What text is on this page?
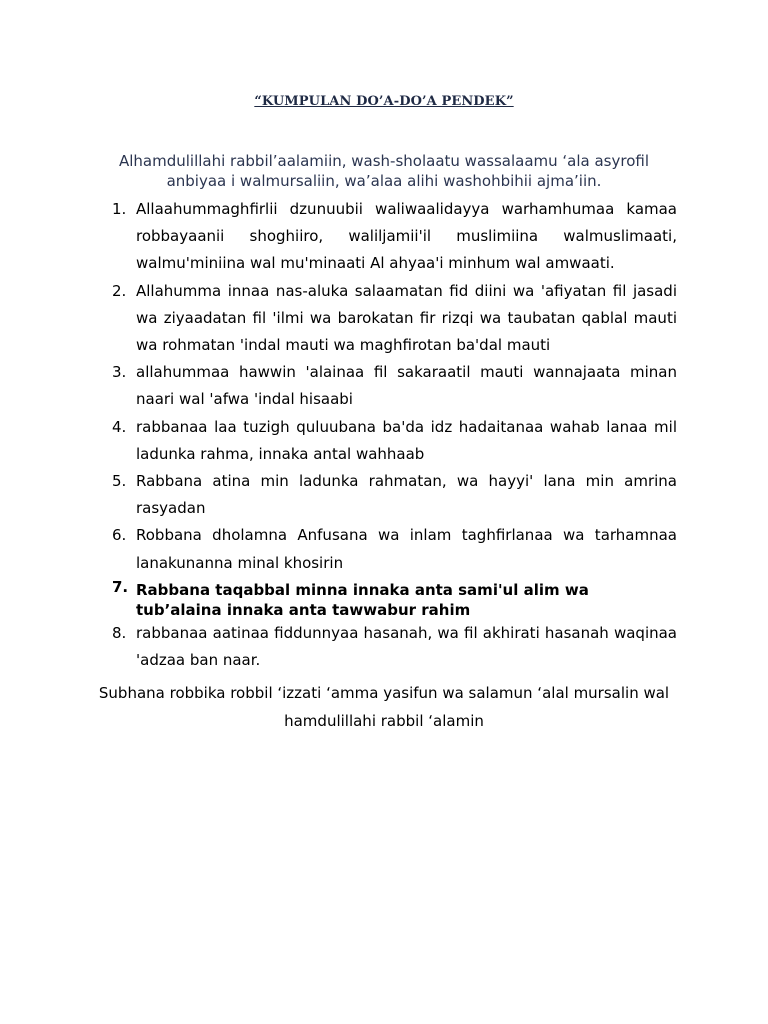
“KUMPULAN DO’A-DO’A PENDEK”
Alhamdulillahi rabbil’aalamiin, wash-sholaatu wassalaamu ‘ala asyrofil anbiyaa i walmursaliin, wa’alaa alihi washohbihii ajma’iin.
1. Allaahummaghfirlii dzunuubii waliwaalidayya warhamhumaa kamaa robbayaanii shoghiiro, waliljamii'il muslimiina walmuslimaati, walmu'miniina wal mu'minaati Al ahyaa'i minhum wal amwaati.
2. Allahumma innaa nas-aluka salaamatan fid diini wa 'afiyatan fil jasadi wa ziyaadatan fil 'ilmi wa barokatan fir rizqi wa taubatan qablal mauti wa rohmatan 'indal mauti wa maghfirotan ba'dal mauti
3. allahummaa hawwin 'alainaa fil sakaraatil mauti wannajaata minan naari wal 'afwa 'indal hisaabi
4. rabbanaa laa tuzigh quluubana ba'da idz hadaitanaa wahab lanaa mil ladunka rahma, innaka antal wahhaab
5. Rabbana atina min ladunka rahmatan, wa hayyi' lana min amrina rasyadan
6. Robbana dholamna Anfusana wa inlam taghfirlanaa wa tarhamnaa lanakunanna minal khosirin
7. Rabbana taqabbal minna innaka anta sami'ul alim wa tub’alaina innaka anta tawwabur rahim
8. rabbanaa aatinaa fiddunnyaa hasanah, wa fil akhirati hasanah waqinaa 'adzaa ban naar.
Subhana robbika robbil ‘izzati ‘amma yasifun wa salamun ‘alal mursalin wal hamdulillahi rabbil ‘alamin
